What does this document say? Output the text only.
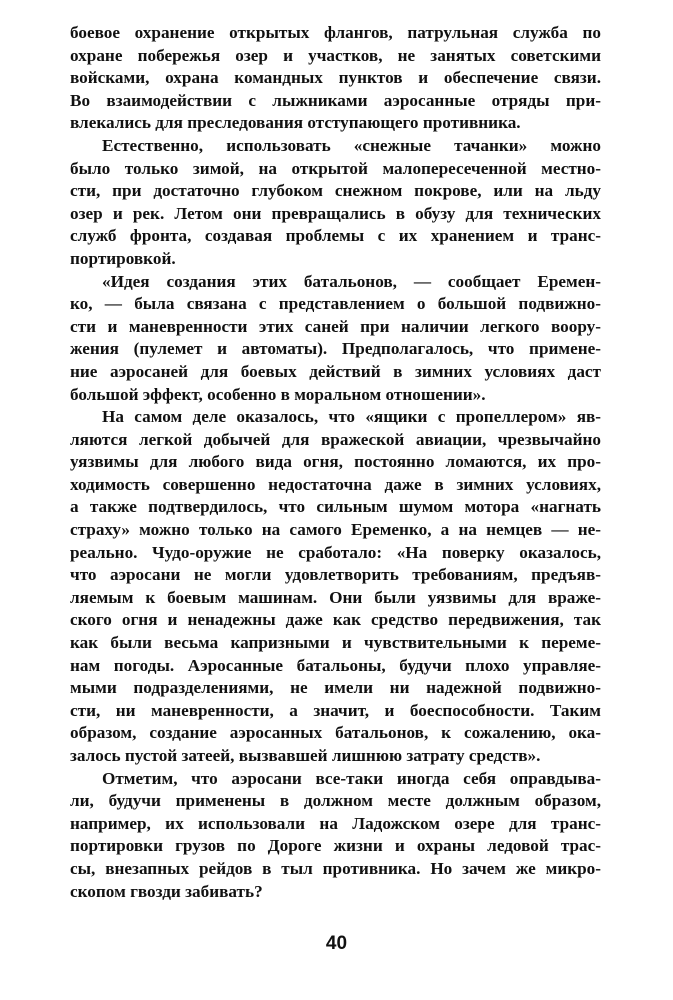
боевое охранение открытых флангов, патрульная служба по
охране побережья озер и участков, не занятых советскими
войсками, охрана командных пунктов и обеспечение связи.
Во взаимодействии с лыжниками аэросанные отряды при-
влекались для преследования отступающего противника.
Естественно, использовать «снежные тачанки» можно
было только зимой, на открытой малопересеченной местно-
сти, при достаточно глубоком снежном покрове, или на льду
озер и рек. Летом они превращались в обузу для технических
служб фронта, создавая проблемы с их хранением и транс-
портировкой.
«Идея создания этих батальонов, — сообщает Еремен-
ко, — была связана с представлением о большой подвижно-
сти и маневренности этих саней при наличии легкого воору-
жения (пулемет и автоматы). Предполагалось, что примене-
ние аэросаней для боевых действий в зимних условиях даст
большой эффект, особенно в моральном отношении».
На самом деле оказалось, что «ящики с пропеллером» яв-
ляются легкой добычей для вражеской авиации, чрезвычайно
уязвимы для любого вида огня, постоянно ломаются, их про-
ходимость совершенно недостаточна даже в зимних условиях,
а также подтвердилось, что сильным шумом мотора «нагнать
страху» можно только на самого Еременко, а на немцев — не-
реально. Чудо-оружие не сработало: «На поверку оказалось,
что аэросани не могли удовлетворить требованиям, предъяв-
ляемым к боевым машинам. Они были уязвимы для враже-
ского огня и ненадежны даже как средство передвижения, так
как были весьма капризными и чувствительными к переме-
нам погоды. Аэросанные батальоны, будучи плохо управляе-
мыми подразделениями, не имели ни надежной подвижно-
сти, ни маневренности, а значит, и боеспособности. Таким
образом, создание аэросанных батальонов, к сожалению, ока-
залось пустой затеей, вызвавшей лишнюю затрату средств».
Отметим, что аэросани все-таки иногда себя оправдыва-
ли, будучи применены в должном месте должным образом,
например, их использовали на Ладожском озере для транс-
портировки грузов по Дороге жизни и охраны ледовой трас-
сы, внезапных рейдов в тыл противника. Но зачем же микро-
скопом гвозди забивать?
40
